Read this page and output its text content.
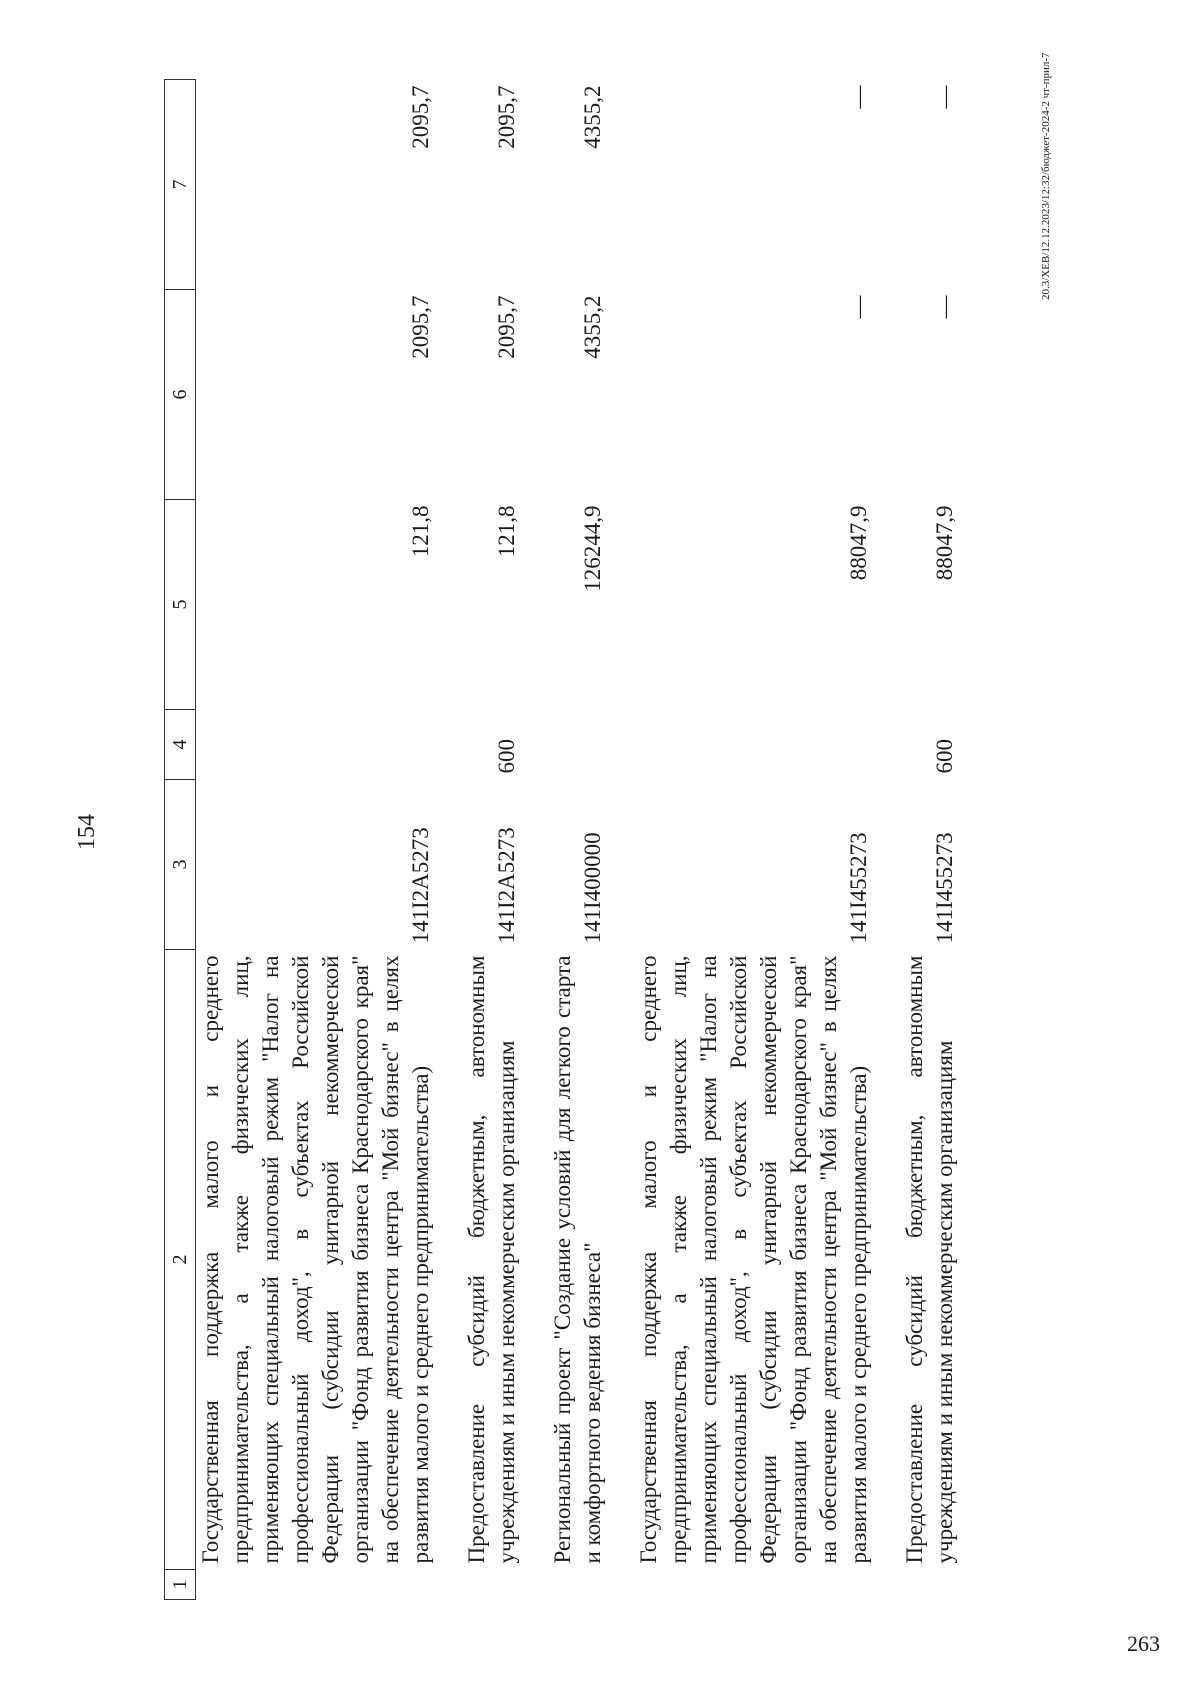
154
20.3/XEB/12.12.2023/12:32/бюджет-2024-2 чт-прил-7
1	2	3	4	5	6	7
	Государственная поддержка малого и среднего предпринимательства, а также физических лиц, применяющих специальный налоговый режим "Налог на профессиональный доход", в субъектах Российской Федерации (субсидии унитарной некоммерческой организации "Фонд развития бизнеса Краснодарского края" на обеспечение деятельности центра "Мой бизнес" в целях развития малого и среднего предпринимательства)	141I2A5273		121,8	2095,7	2095,7

	Предоставление субсидий бюджетным, автономным учреждениям и иным некоммерческим организациям	141I2A5273	600	121,8	2095,7	2095,7

	Региональный проект "Создание условий для легкого старта и комфортного ведения бизнеса"	141I400000		126244,9	4355,2	4355,2

	Государственная поддержка малого и среднего предпринимательства, а также физических лиц, применяющих специальный налоговый режим "Налог на профессиональный доход", в субъектах Российской Федерации (субсидии унитарной некоммерческой организации "Фонд развития бизнеса Краснодарского края" на обеспечение деятельности центра "Мой бизнес" в целях развития малого и среднего предпринимательства)	141I455273		88047,9	—	—

	Предоставление субсидий бюджетным, автономным учреждениям и иным некоммерческим организациям	141I455273	600	88047,9	—	—
263
